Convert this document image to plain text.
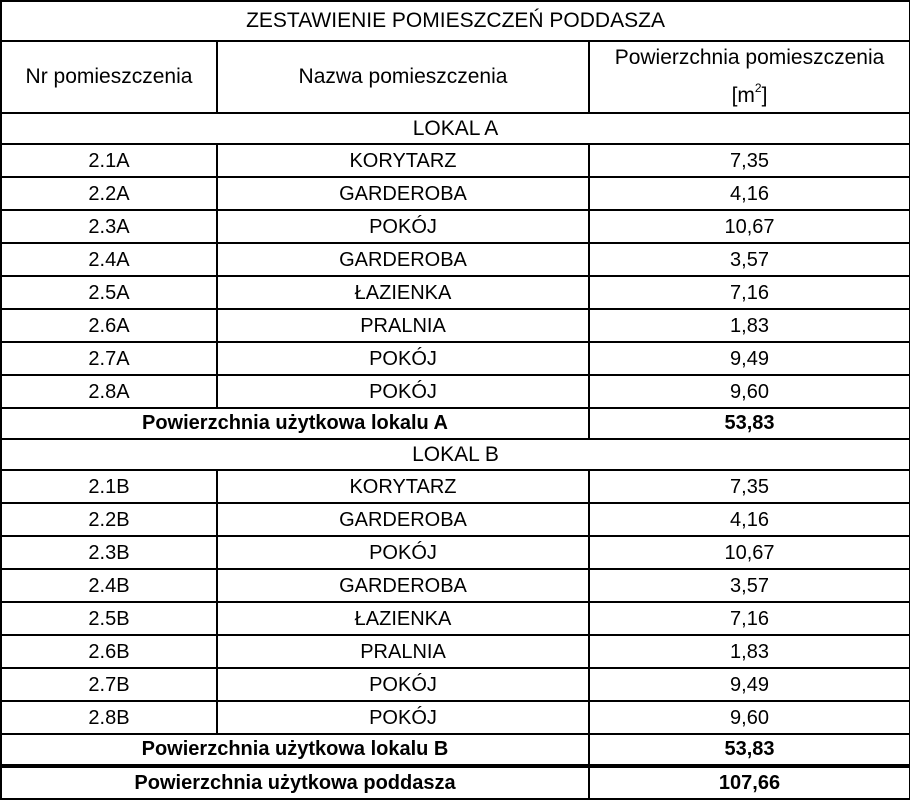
ZESTAWIENIE POMIESZCZEŃ PODDASZA		
Nr pomieszczenia	Nazwa pomieszczenia	Powierzchnia pomieszczenia
$[m^2]$
LOKAL A		
2.1A	KORYTARZ	7,35
2.2A	GARDEROBA	4,16
2.3A	POKÓJ	10,67
2.4A	GARDEROBA	3,57
2.5A	ŁAZIENKA	7,16
2.6A	PRALNIA	1,83
2.7A	POKÓJ	9,49
2.8A	POKÓJ	9,60
Powierzchnia użytkowa lokalu A		53,83
LOKAL B		
2.1B	KORYTARZ	7,35
2.2B	GARDEROBA	4,16
2.3B	POKÓJ	10,67
2.4B	GARDEROBA	3,57
2.5B	ŁAZIENKA	7,16
2.6B	PRALNIA	1,83
2.7B	POKÓJ	9,49
2.8B	POKÓJ	9,60
Powierzchnia użytkowa lokalu B		53,83
Powierzchnia użytkowa poddasza		107,66
